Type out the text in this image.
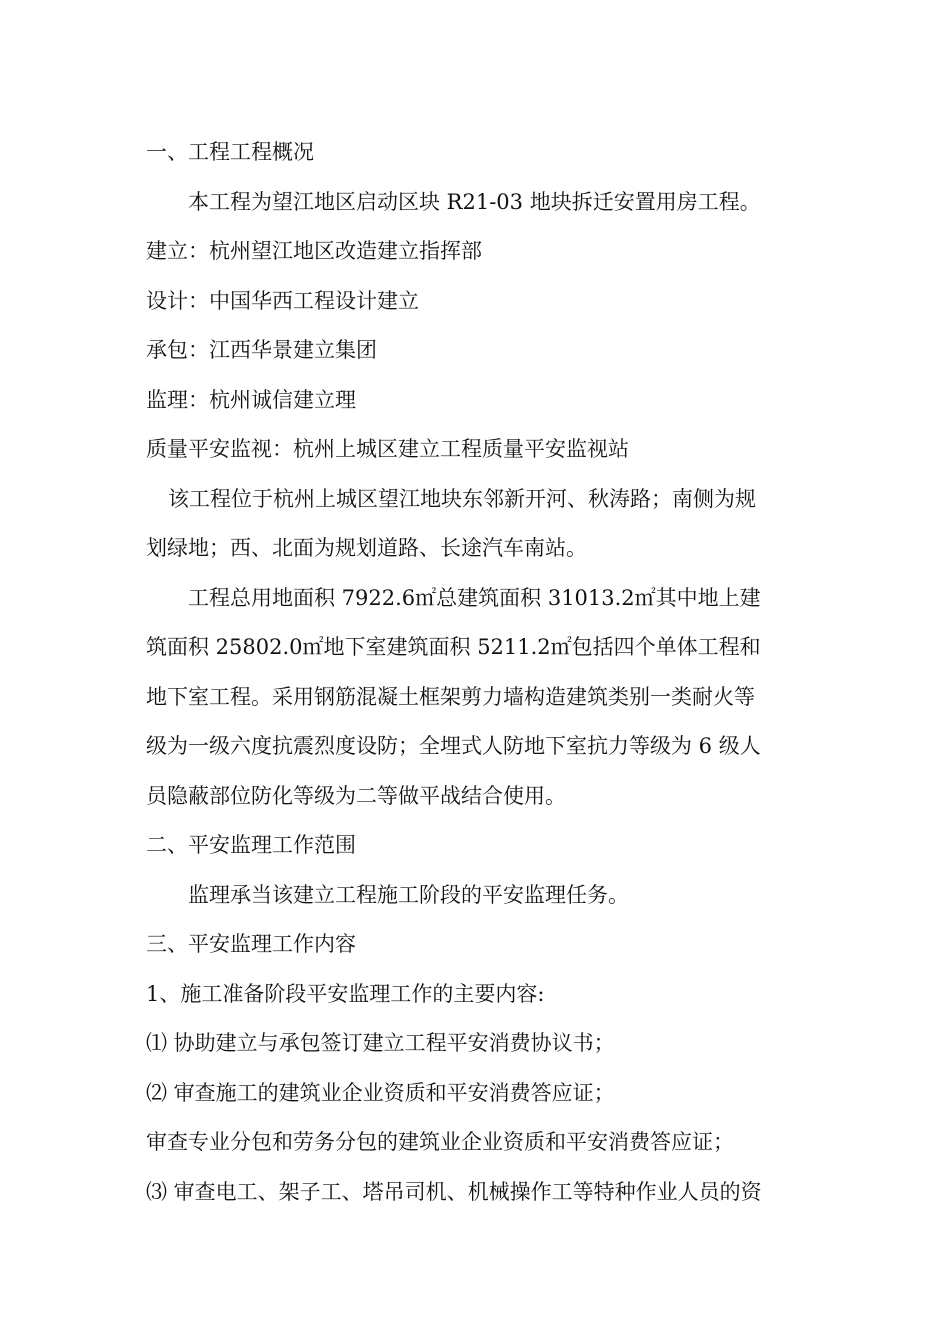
一、工程工程概况
本工程为望江地区启动区块 R21-03 地块拆迁安置用房工程。
建立：杭州望江地区改造建立指挥部
设计：中国华西工程设计建立
承包：江西华景建立集团
监理：杭州诚信建立理
质量平安监视：杭州上城区建立工程质量平安监视站
该工程位于杭州上城区望江地块东邻新开河、秋涛路；南侧为规
划绿地；西、北面为规划道路、长途汽车南站。
工程总用地面积 7922.6㎡总建筑面积 31013.2㎡其中地上建
筑面积 25802.0㎡地下室建筑面积 5211.2㎡包括四个单体工程和
地下室工程。采用钢筋混凝土框架剪力墙构造建筑类别一类耐火等
级为一级六度抗震烈度设防；全埋式人防地下室抗力等级为 6 级人
员隐蔽部位防化等级为二等做平战结合使用。
二、平安监理工作范围
监理承当该建立工程施工阶段的平安监理任务。
三、平安监理工作内容
1、施工准备阶段平安监理工作的主要内容:
⑴ 协助建立与承包签订建立工程平安消费协议书；
⑵ 审查施工的建筑业企业资质和平安消费答应证；
审查专业分包和劳务分包的建筑业企业资质和平安消费答应证；
⑶ 审查电工、架子工、塔吊司机、机械操作工等特种作业人员的资
